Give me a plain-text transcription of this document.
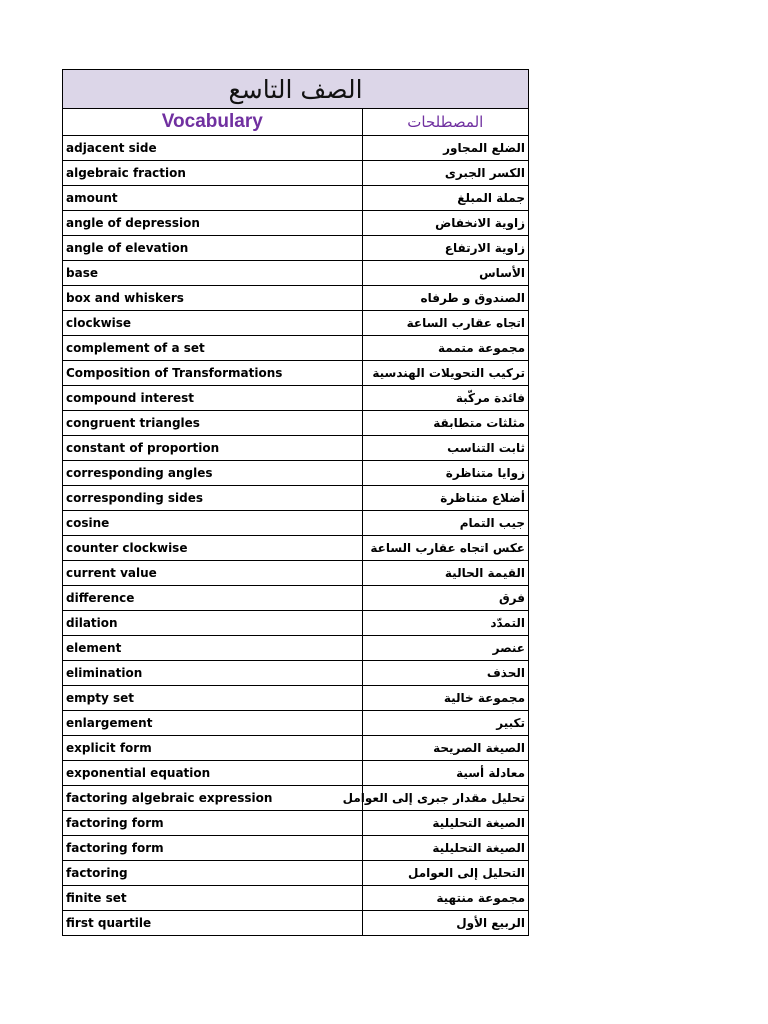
الصف التاسع	
Vocabulary	المصطلحات
adjacent side	الضلع المجاور
algebraic fraction	الكسر الجبرى
amount	جملة المبلغ
angle of depression	زاوية الانخفاض
angle of elevation	زاوية الارتفاع
base	الأساس
box and whiskers	الصندوق و طرفاه
clockwise	اتجاه عقارب الساعة
complement of a set	مجموعة متممة
Composition of Transformations	تركيب التحويلات الهندسية
compound interest	فائدة مركّبة
congruent triangles	مثلثات متطابقة
constant of proportion	ثابت التناسب
corresponding angles	زوايا متناظرة
corresponding sides	أضلاع متناظرة
cosine	جيب التمام
counter clockwise	عكس اتجاه عقارب الساعة
current value	القيمة الحالية
difference	فرق
dilation	التمدّد
element	عنصر
elimination	الحذف
empty set	مجموعة خالية
enlargement	تكبير
explicit form	الصيغة الصريحة
exponential equation	معادلة أسية
factoring algebraic expression	تحليل مقدار جبرى إلى العوامل
factoring form	الصيغة التحليلية
factoring form	الصيغة التحليلية
factoring	التحليل إلى العوامل
finite set	مجموعة منتهية
first quartile	الربيع الأول
